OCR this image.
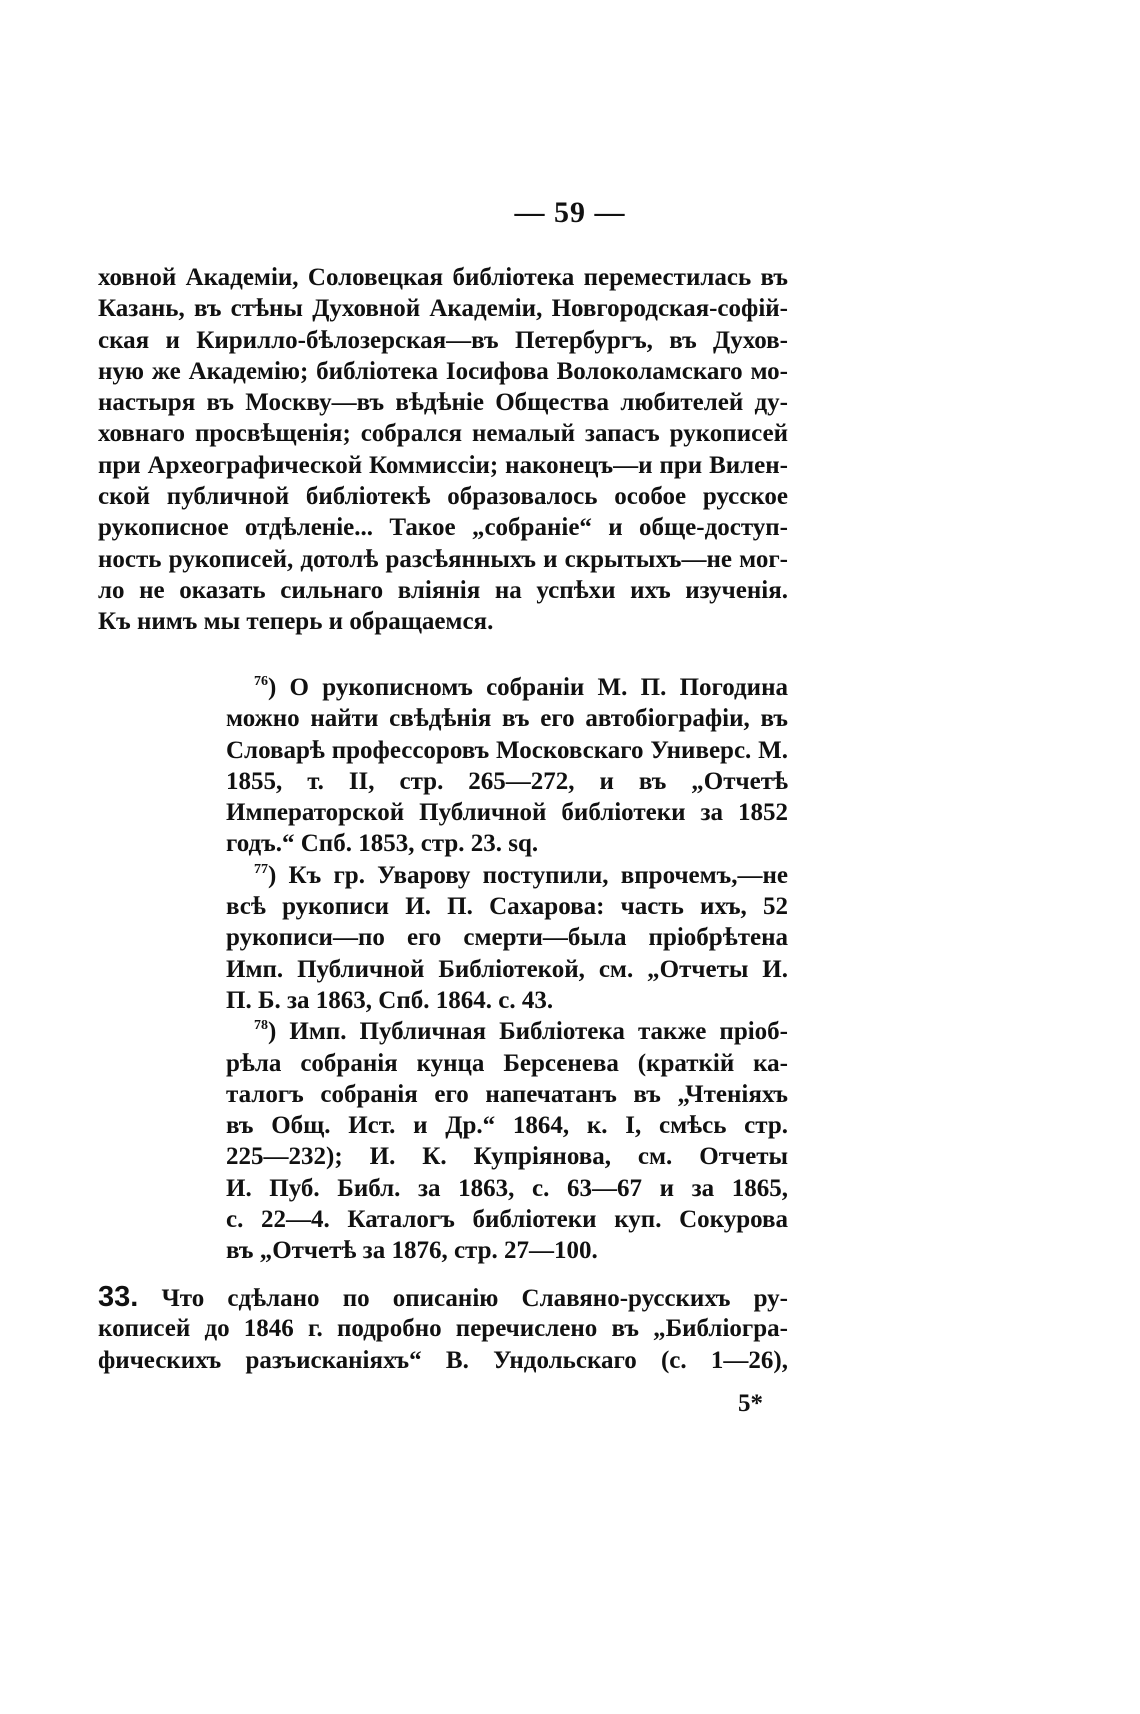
— 59 —
ховной Академіи, Соловецкая библіотека переместилась въ
Казань, въ стѣны Духовной Академіи, Новгородская-софій-
ская и Кирилло-бѣлозерская—въ Петербургъ, въ Духов-
ную же Академію; библіотека Іосифова Волоколамскаго мо-
настыря въ Москву—въ вѣдѣніе Общества любителей ду-
ховнаго просвѣщенія; собрался немалый запасъ рукописей
при Археографической Коммиссіи; наконецъ—и при Вилен-
ской публичной библіотекѣ образовалось особое русское
рукописное отдѣленіе... Такое „собраніе“ и обще-доступ-
ность рукописей, дотолѣ разсѣянныхъ и скрытыхъ—не мог-
ло не оказать сильнаго вліянія на успѣхи ихъ изученія.
Къ нимъ мы теперь и обращаемся.
$^{76}$) О рукописномъ собраніи М. П. Погодина
можно найти свѣдѣнія въ его автобіографіи, въ
Словарѣ профессоровъ Московскаго Универс. М.
1855, т. II, стр. 265—272, и въ „Отчетѣ
Императорской Публичной библіотеки за 1852
годъ.“ Спб. 1853, стр. 23. sq.
$^{77}$) Къ гр. Уварову поступили, впрочемъ,—не
всѣ рукописи И. П. Сахарова: часть ихъ, 52
рукописи—по его смерти—была пріобрѣтена
Имп. Публичной Библіотекой, см. „Отчеты И.
П. Б. за 1863, Спб. 1864. с. 43.
$^{78}$) Имп. Публичная Библіотека также пріоб-
рѣла собранія кунца Берсенева (краткій ка-
талогъ собранія его напечатанъ въ „Чтеніяхъ
въ Общ. Ист. и Др.“ 1864, к. I, смѣсь стр.
225—232); И. К. Купріянова, см. Отчеты
И. Пуб. Библ. за 1863, с. 63—67 и за 1865,
с. 22—4. Каталогъ библіотеки куп. Сокурова
въ „Отчетѣ за 1876, стр. 27—100.
33. Что сдѣлано по описанію Славяно-русскихъ ру-
кописей до 1846 г. подробно перечислено въ „Библіогра-
фическихъ разъисканіяхъ“ В. Ундольскаго (с. 1—26),
5*
